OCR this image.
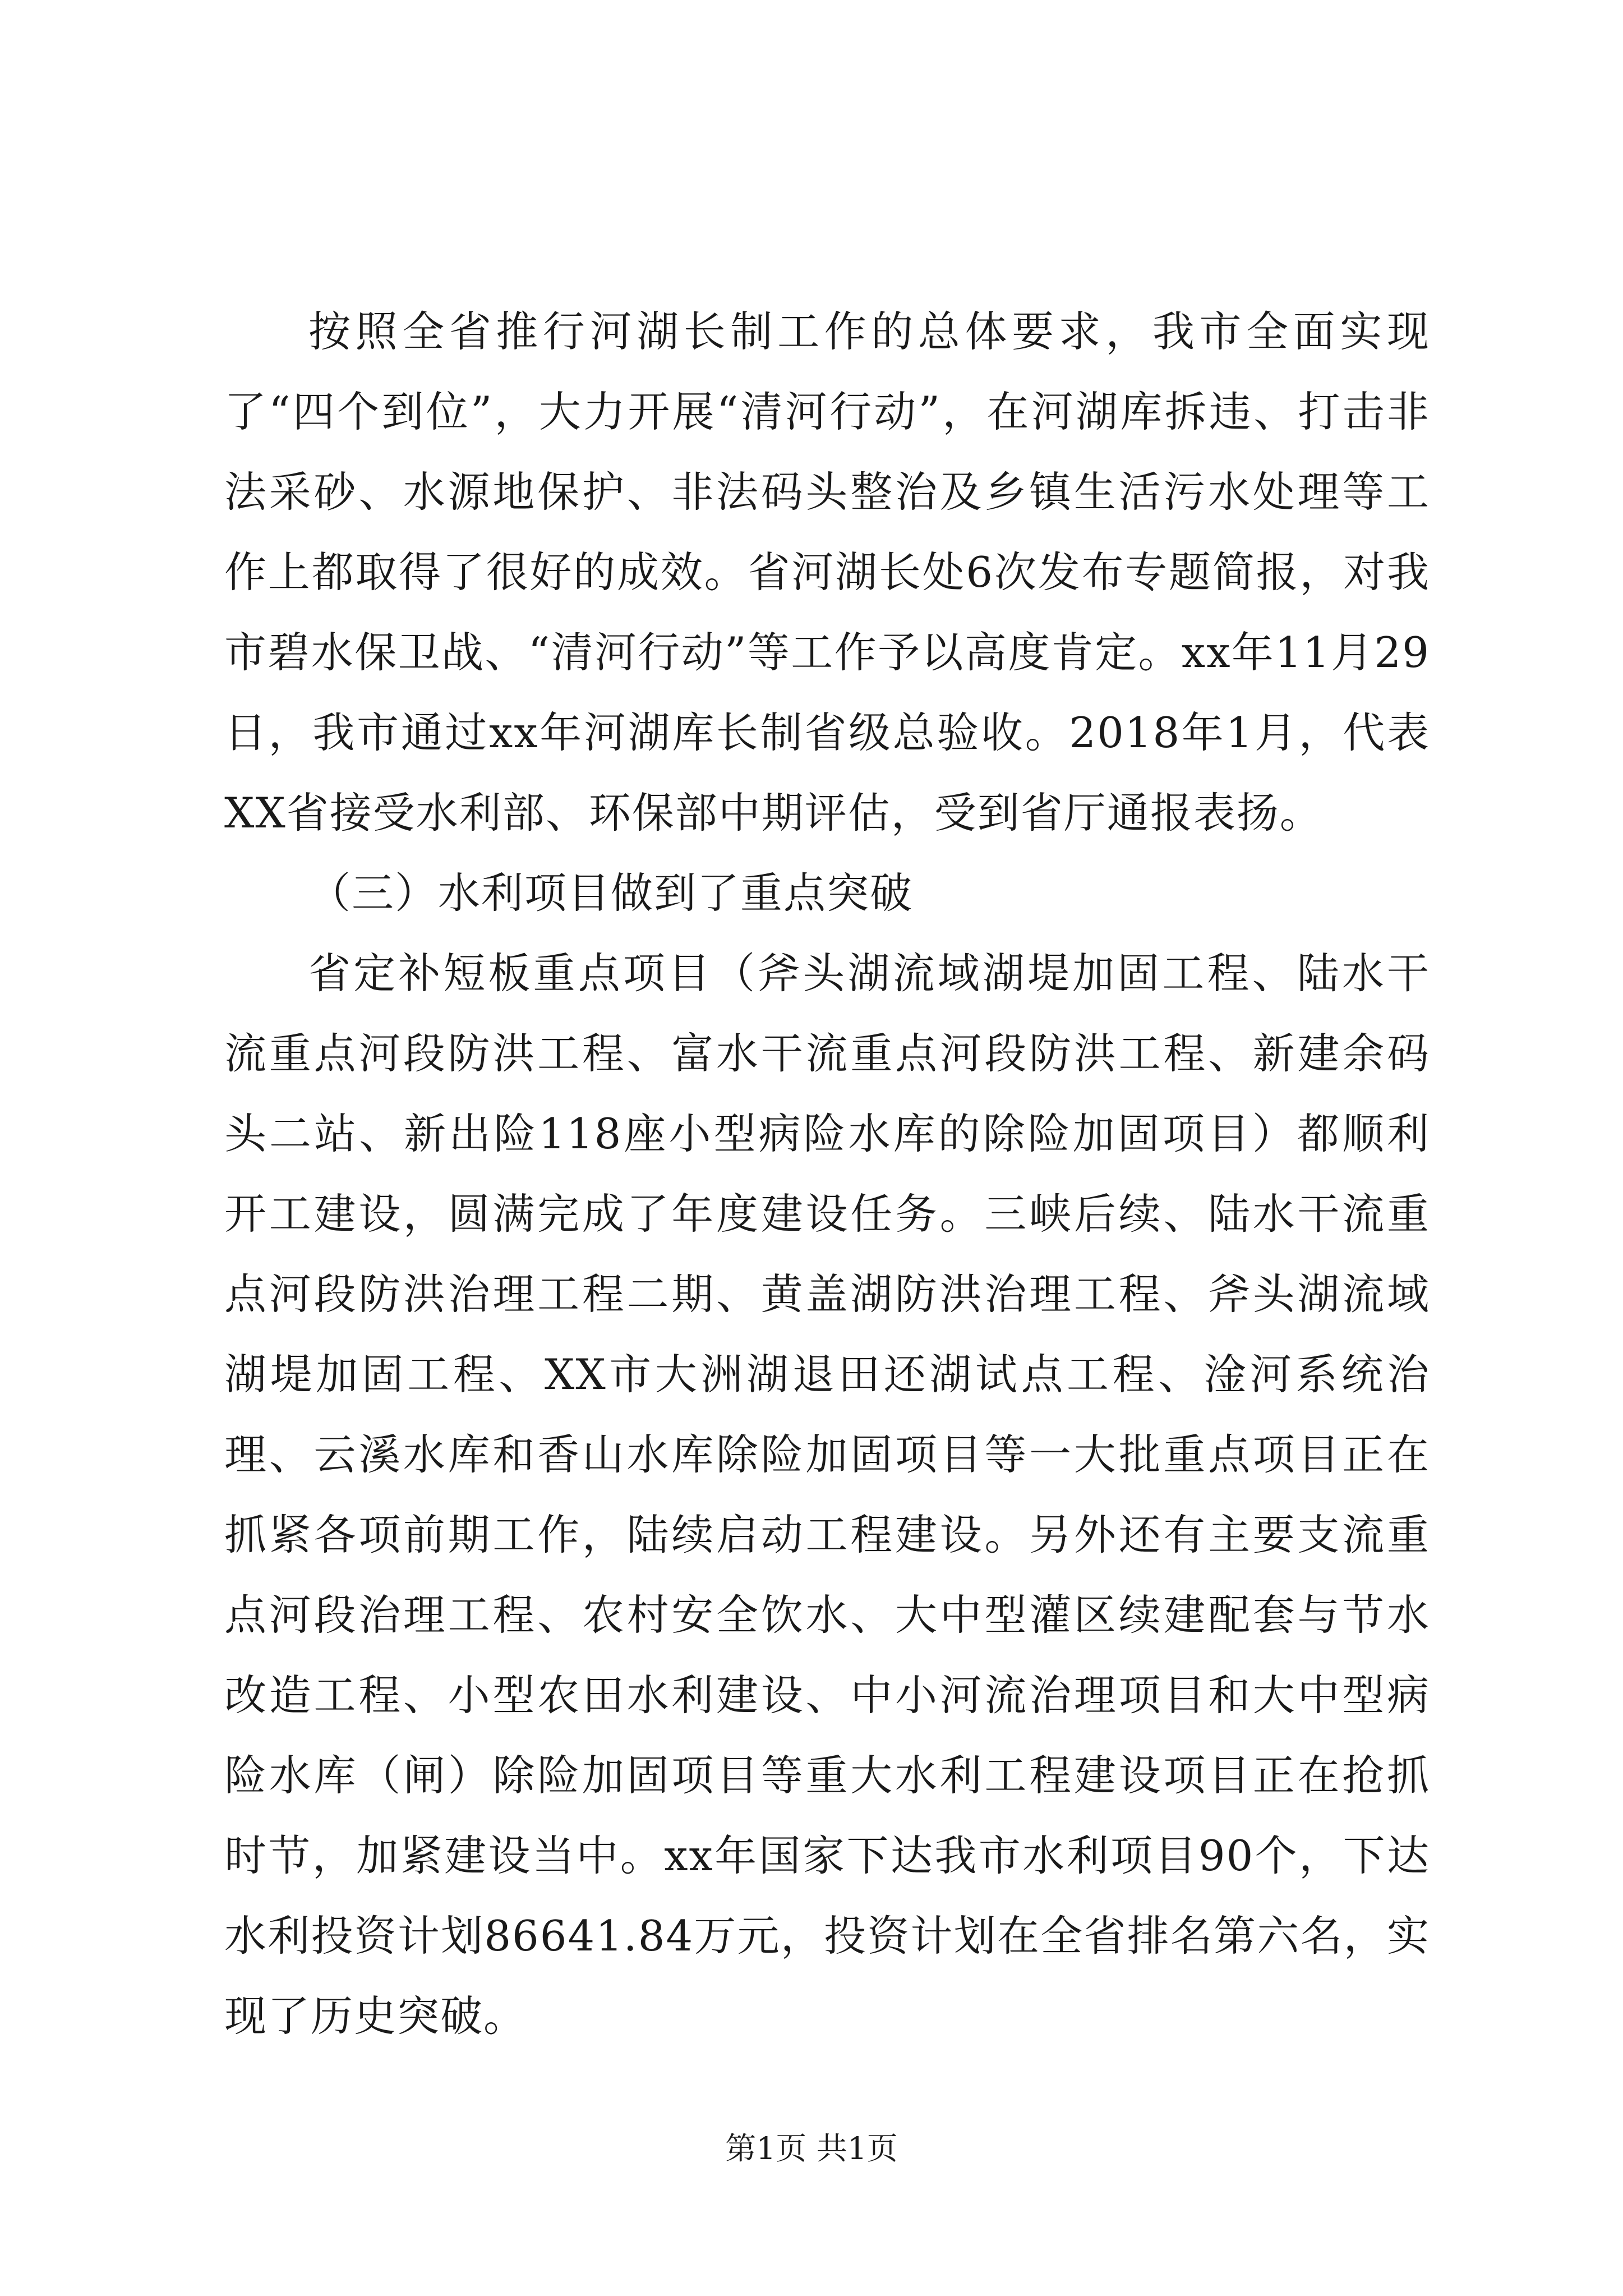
按照全省推行河湖长制工作的总体要求，我市全面实现了“四个到位”，大力开展“清河行动”，在河湖库拆违、打击非法采砂、水源地保护、非法码头整治及乡镇生活污水处理等工作上都取得了很好的成效。省河湖长处6次发布专题简报，对我市碧水保卫战、“清河行动”等工作予以高度肯定。xx年11月29日，我市通过xx年河湖库长制省级总验收。2018年1月，代表XX省接受水利部、环保部中期评估，受到省厅通报表扬。

（三）水利项目做到了重点突破

省定补短板重点项目（斧头湖流域湖堤加固工程、陆水干流重点河段防洪工程、富水干流重点河段防洪工程、新建余码头二站、新出险118座小型病险水库的除险加固项目）都顺利开工建设，圆满完成了年度建设任务。三峡后续、陆水干流重点河段防洪治理工程二期、黄盖湖防洪治理工程、斧头湖流域湖堤加固工程、XX市大洲湖退田还湖试点工程、淦河系统治理、云溪水库和香山水库除险加固项目等一大批重点项目正在抓紧各项前期工作，陆续启动工程建设。另外还有主要支流重点河段治理工程、农村安全饮水、大中型灌区续建配套与节水改造工程、小型农田水利建设、中小河流治理项目和大中型病险水库（闸）除险加固项目等重大水利工程建设项目正在抢抓时节，加紧建设当中。xx年国家下达我市水利项目90个，下达水利投资计划86641.84万元，投资计划在全省排名第六名，实现了历史突破。

第1页 共1页
